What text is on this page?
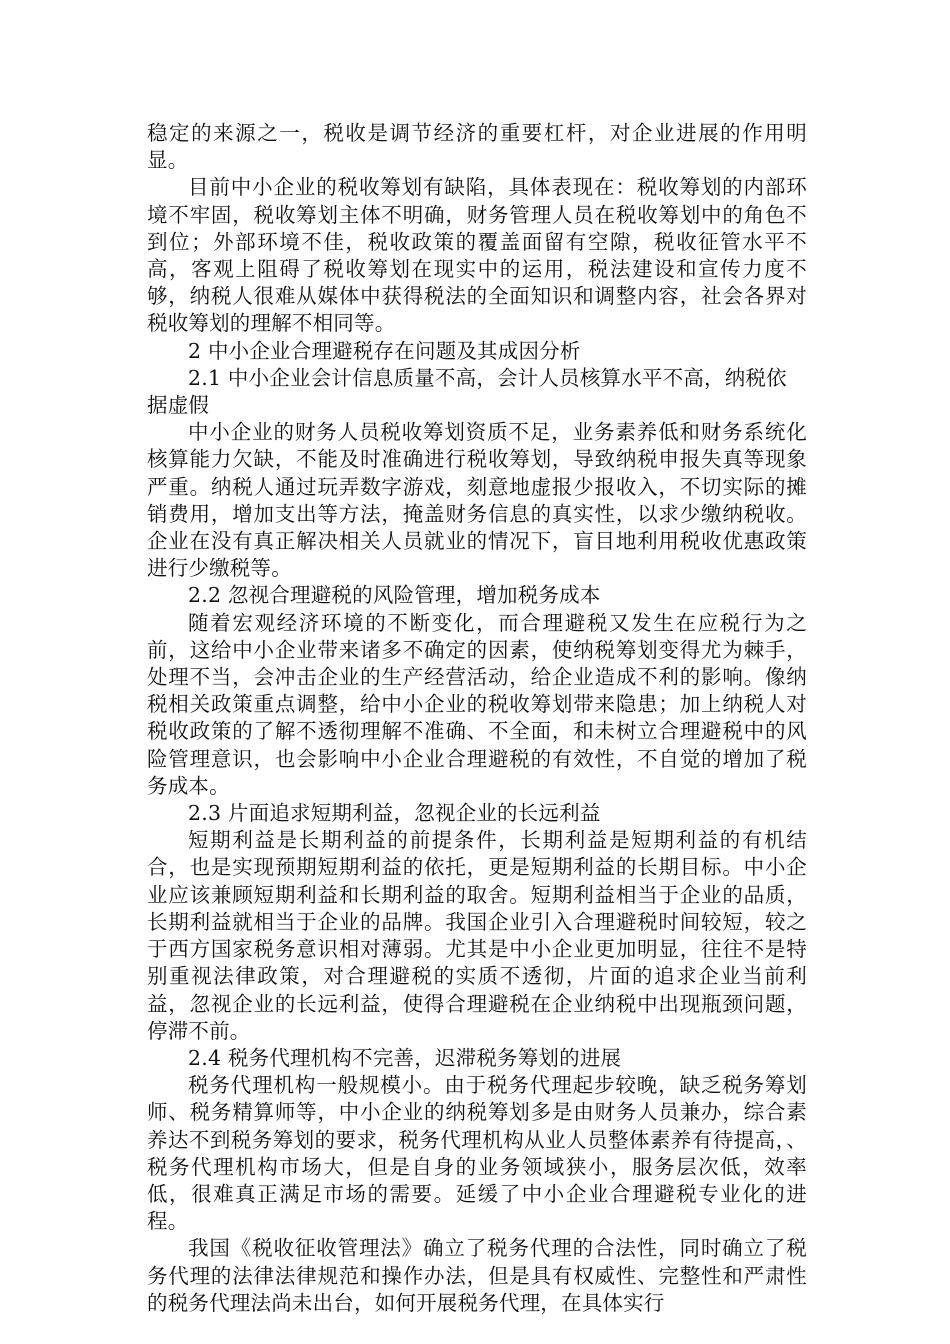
稳定的来源之一，税收是调节经济的重要杠杆，对企业进展的作用明显。

目前中小企业的税收筹划有缺陷，具体表现在：税收筹划的内部环境不牢固，税收筹划主体不明确，财务管理人员在税收筹划中的角色不到位；外部环境不佳，税收政策的覆盖面留有空隙，税收征管水平不高，客观上阻碍了税收筹划在现实中的运用，税法建设和宣传力度不够，纳税人很难从媒体中获得税法的全面知识和调整内容，社会各界对税收筹划的理解不相同等。

2 中小企业合理避税存在问题及其成因分析

2.1 中小企业会计信息质量不高，会计人员核算水平不高，纳税依据虚假

中小企业的财务人员税收筹划资质不足，业务素养低和财务系统化核算能力欠缺，不能及时准确进行税收筹划，导致纳税申报失真等现象严重。纳税人通过玩弄数字游戏，刻意地虚报少报收入，不切实际的摊销费用，增加支出等方法，掩盖财务信息的真实性，以求少缴纳税收。企业在没有真正解决相关人员就业的情况下，盲目地利用税收优惠政策进行少缴税等。

2.2 忽视合理避税的风险管理，增加税务成本

随着宏观经济环境的不断变化，而合理避税又发生在应税行为之前，这给中小企业带来诸多不确定的因素，使纳税筹划变得尤为棘手，处理不当，会冲击企业的生产经营活动，给企业造成不利的影响。像纳税相关政策重点调整，给中小企业的税收筹划带来隐患；加上纳税人对税收政策的了解不透彻理解不准确、不全面，和未树立合理避税中的风险管理意识，也会影响中小企业合理避税的有效性，不自觉的增加了税务成本。

2.3 片面追求短期利益，忽视企业的长远利益

短期利益是长期利益的前提条件，长期利益是短期利益的有机结合，也是实现预期短期利益的依托，更是短期利益的长期目标。中小企业应该兼顾短期利益和长期利益的取舍。短期利益相当于企业的品质，长期利益就相当于企业的品牌。我国企业引入合理避税时间较短，较之于西方国家税务意识相对薄弱。尤其是中小企业更加明显，往往不是特别重视法律政策，对合理避税的实质不透彻，片面的追求企业当前利益，忽视企业的长远利益，使得合理避税在企业纳税中出现瓶颈问题，停滞不前。

2.4 税务代理机构不完善，迟滞税务筹划的进展

税务代理机构一般规模小。由于税务代理起步较晚，缺乏税务筹划师、税务精算师等，中小企业的纳税筹划多是由财务人员兼办，综合素养达不到税务筹划的要求，税务代理机构从业人员整体素养有待提高，、税务代理机构市场大，但是自身的业务领域狭小，服务层次低，效率低，很难真正满足市场的需要。延缓了中小企业合理避税专业化的进程。

我国《税收征收管理法》确立了税务代理的合法性，同时确立了税务代理的法律法律规范和操作办法，但是具有权威性、完整性和严肃性的税务代理法尚未出台，如何开展税务代理，在具体实行
